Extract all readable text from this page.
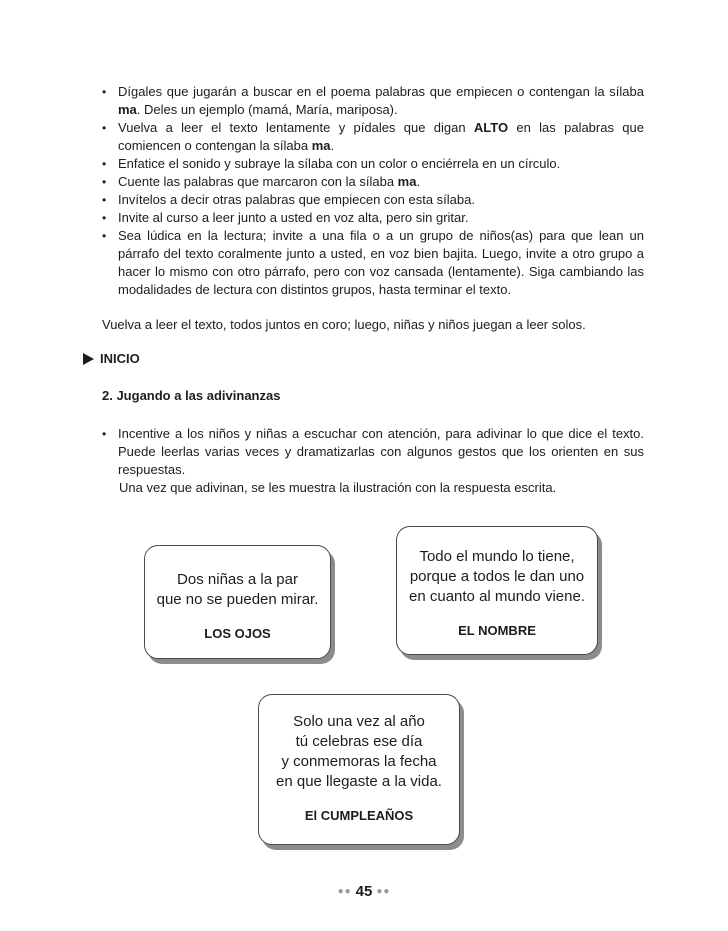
• Dígales que jugarán a buscar en el poema palabras que empiecen o contengan la sílaba ma. Deles un ejemplo (mamá, María, mariposa).
• Vuelva a leer el texto lentamente y pídales que digan ALTO en las palabras que comiencen o contengan la sílaba ma.
• Enfatice el sonido y subraye la sílaba con un color o enciérrela en un círculo.
• Cuente las palabras que marcaron con la sílaba ma.
• Invítelos a decir otras palabras que empiecen con esta sílaba.
• Invite al curso a leer junto a usted en voz alta, pero sin gritar.
• Sea lúdica en la lectura; invite a una fila o a un grupo de niños(as) para que lean un párrafo del texto coralmente junto a usted, en voz bien bajita. Luego, invite a otro grupo a hacer lo mismo con otro párrafo, pero con voz cansada (lentamente). Siga cambiando las modalidades de lectura con distintos grupos, hasta terminar el texto.
Vuelva a leer el texto, todos juntos en coro; luego, niñas y niños juegan a leer solos.
INICIO
2. Jugando a las adivinanzas
• Incentive a los niños y niñas a escuchar con atención, para adivinar lo que dice el texto. Puede leerlas varias veces y dramatizarlas con algunos gestos que los orienten en sus respuestas.
Una vez que adivinan, se les muestra la ilustración con la respuesta escrita.
Dos niñas a la par
que no se pueden mirar.
LOS OJOS
Todo el mundo lo tiene,
porque a todos le dan uno
en cuanto al mundo viene.
EL NOMBRE
Solo una vez al año
tú celebras ese día
y conmemoras la fecha
en que llegaste a la vida.
El CUMPLEAÑOS
●● 45 ●●
